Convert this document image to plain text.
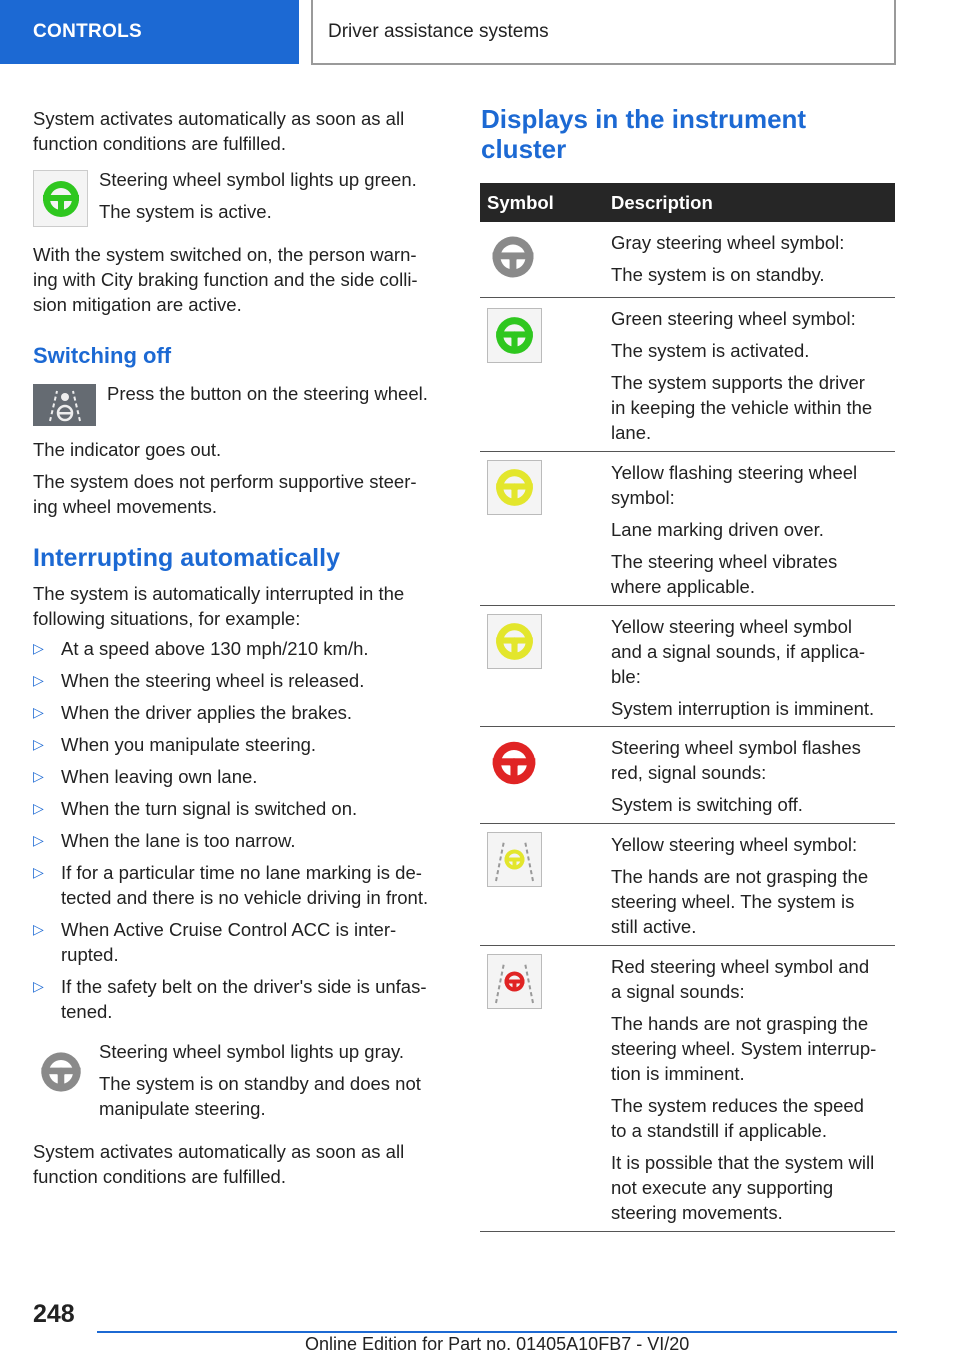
CONTROLS	Driver assistance systems
System activates automatically as soon as all
function conditions are fulfilled.
Steering wheel symbol lights up green.
The system is active.
With the system switched on, the person warn-
ing with City braking function and the side colli-
sion mitigation are active.
Switching off
Press the button on the steering wheel.
The indicator goes out.
The system does not perform supportive steer-
ing wheel movements.
Interrupting automatically
The system is automatically interrupted in the
following situations, for example:
▷ At a speed above 130 mph/210 km/h.
▷ When the steering wheel is released.
▷ When the driver applies the brakes.
▷ When you manipulate steering.
▷ When leaving own lane.
▷ When the turn signal is switched on.
▷ When the lane is too narrow.
▷ If for a particular time no lane marking is de-
tected and there is no vehicle driving in front.
▷ When Active Cruise Control ACC is inter-
rupted.
▷ If the safety belt on the driver's side is unfas-
tened.
Steering wheel symbol lights up gray.
The system is on standby and does not
manipulate steering.
System activates automatically as soon as all
function conditions are fulfilled.
Displays in the instrument
cluster
Symbol	Description
Gray steering wheel symbol:
The system is on standby.
Green steering wheel symbol:
The system is activated.
The system supports the driver
in keeping the vehicle within the
lane.
Yellow flashing steering wheel
symbol:
Lane marking driven over.
The steering wheel vibrates
where applicable.
Yellow steering wheel symbol
and a signal sounds, if applica-
ble:
System interruption is imminent.
Steering wheel symbol flashes
red, signal sounds:
System is switching off.
Yellow steering wheel symbol:
The hands are not grasping the
steering wheel. The system is
still active.
Red steering wheel symbol and
a signal sounds:
The hands are not grasping the
steering wheel. System interrup-
tion is imminent.
The system reduces the speed
to a standstill if applicable.
It is possible that the system will
not execute any supporting
steering movements.
248
Online Edition for Part no. 01405A10FB7 - VI/20
